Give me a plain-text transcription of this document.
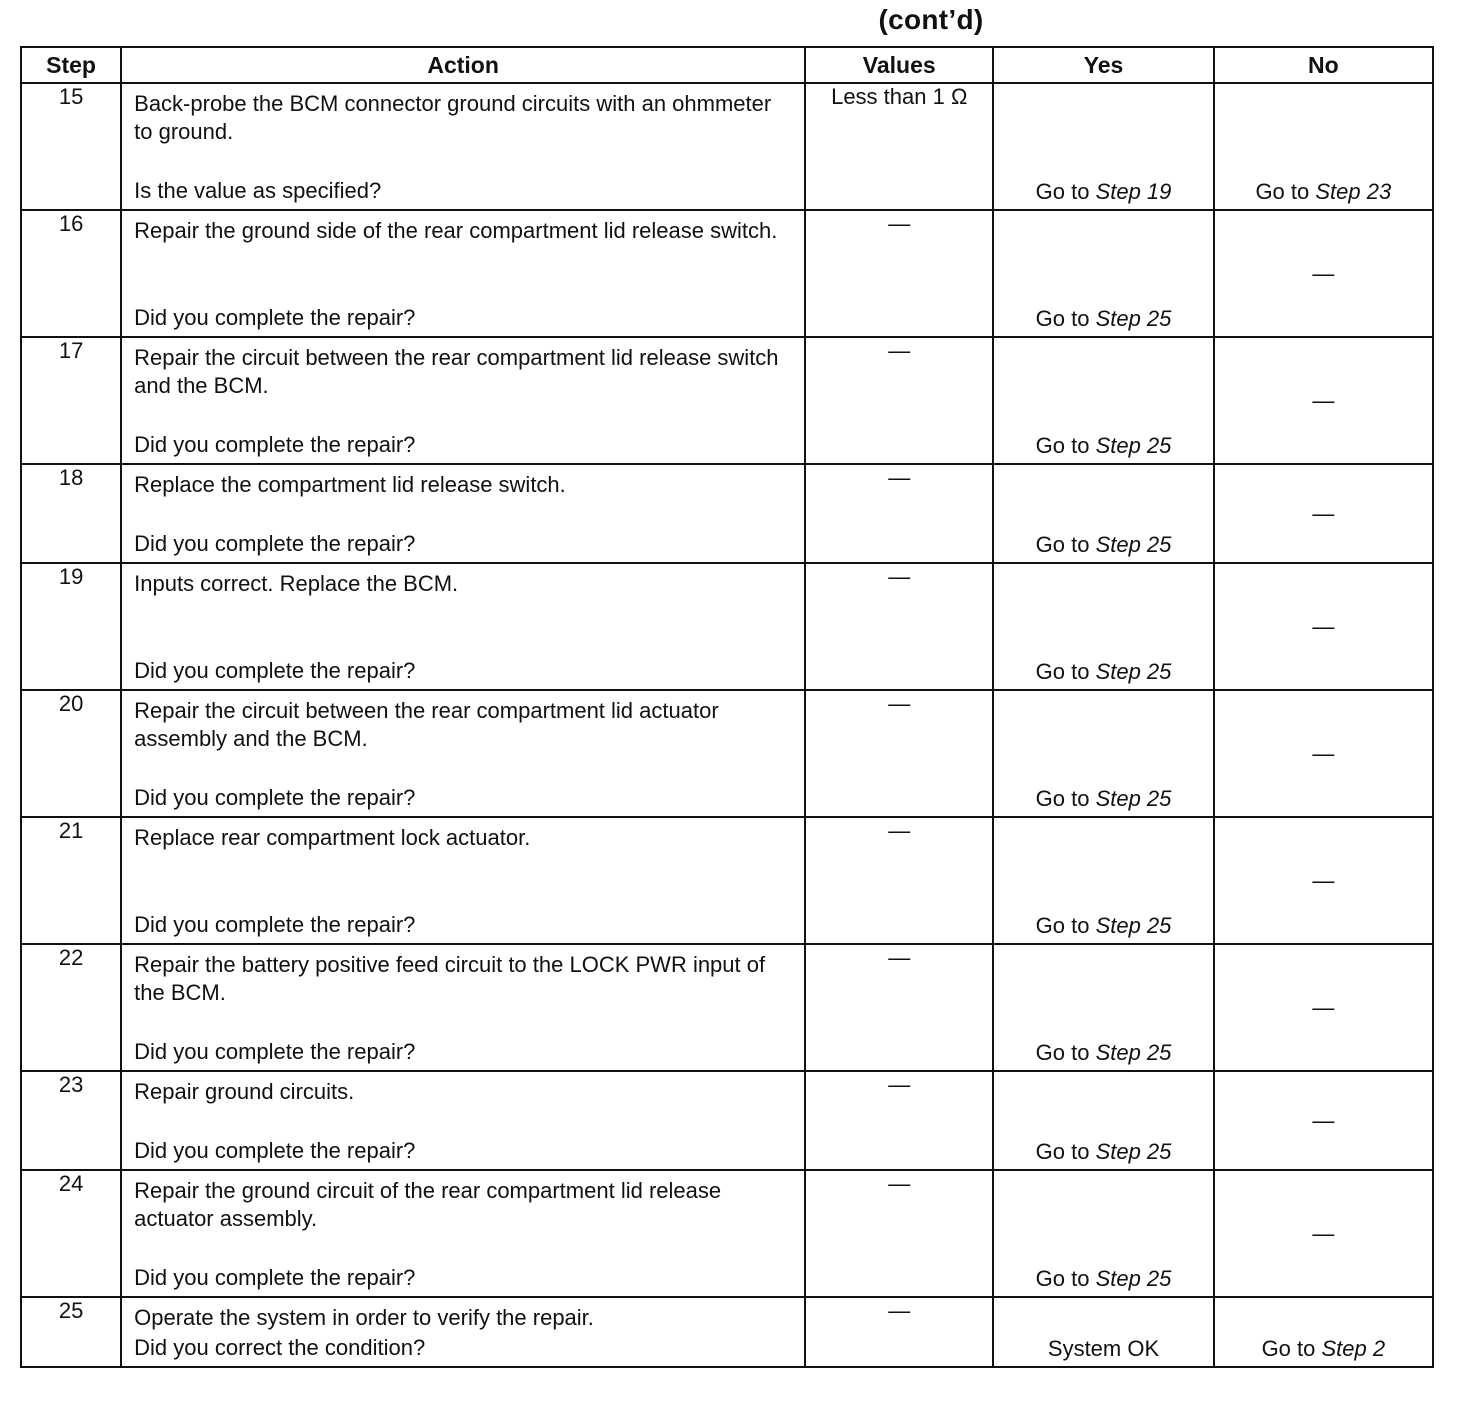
(cont’d)
Step	Action	Values	Yes	No
15	Back-probe the BCM connector ground circuits with an ohmmeter to ground.
Is the value as specified?	Less than 1 Ω	Go to Step 19	Go to Step 23

16	Repair the ground side of the rear compartment lid release switch.
Did you complete the repair?	—	Go to Step 25	—

17	Repair the circuit between the rear compartment lid release switch and the BCM.
Did you complete the repair?	—	Go to Step 25	—

18	Replace the compartment lid release switch.
Did you complete the repair?	—	Go to Step 25	—

19	Inputs correct. Replace the BCM.
Did you complete the repair?	—	Go to Step 25	—

20	Repair the circuit between the rear compartment lid actuator assembly and the BCM.
Did you complete the repair?	—	Go to Step 25	—

21	Replace rear compartment lock actuator.
Did you complete the repair?	—	Go to Step 25	—

22	Repair the battery positive feed circuit to the LOCK PWR input of the BCM.
Did you complete the repair?	—	Go to Step 25	—

23	Repair ground circuits.
Did you complete the repair?	—	Go to Step 25	—

24	Repair the ground circuit of the rear compartment lid release actuator assembly.
Did you complete the repair?	—	Go to Step 25	—

25	Operate the system in order to verify the repair.
Did you correct the condition?	—	System OK	Go to Step 2
